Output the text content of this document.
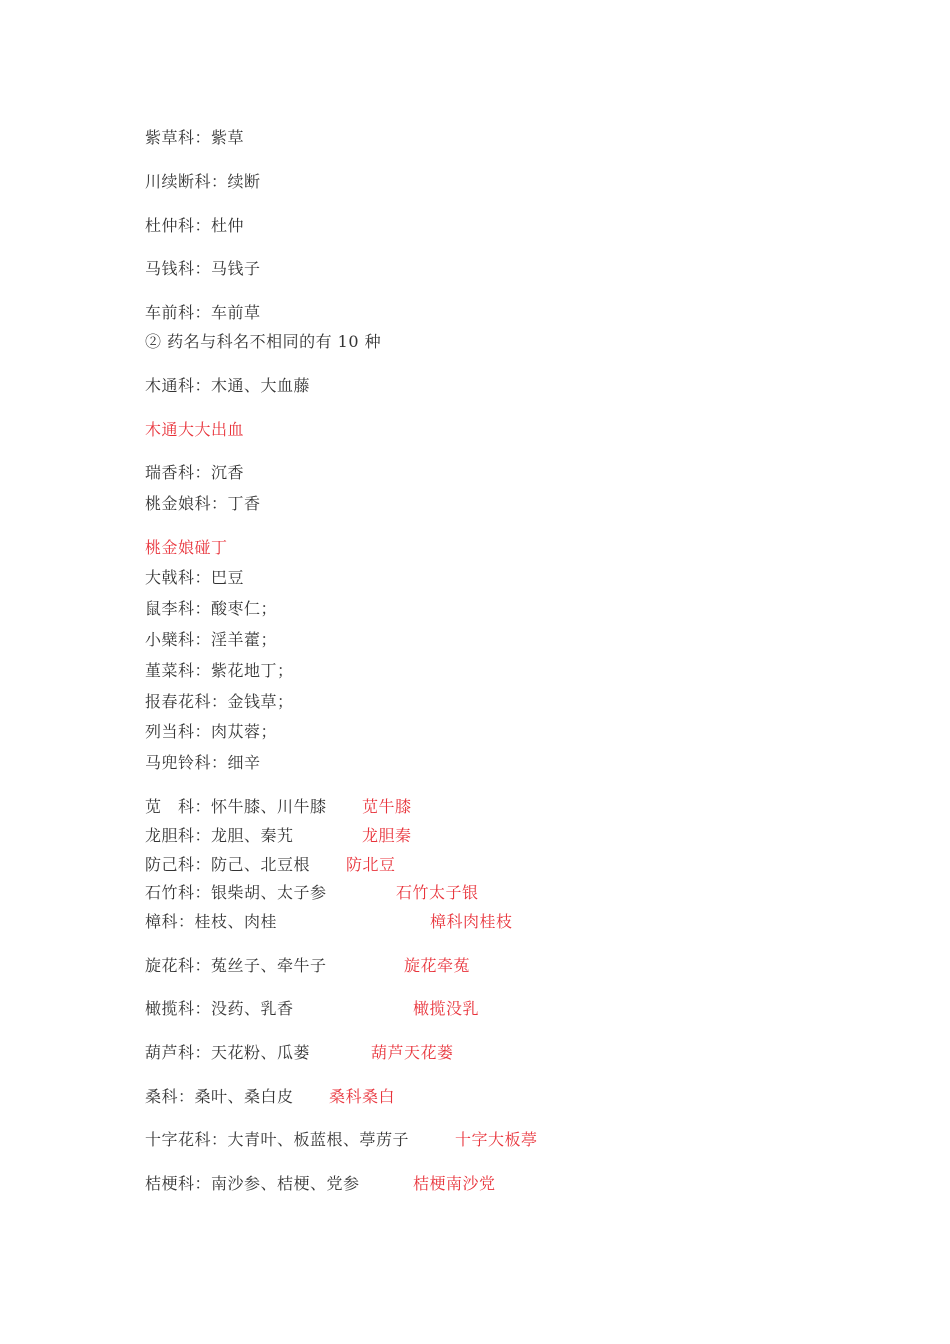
紫草科：紫草
川续断科：续断
杜仲科：杜仲
马钱科：马钱子
车前科：车前草
② 药名与科名不相同的有 10 种
木通科：木通、大血藤
木通大大出血
瑞香科：沉香
桃金娘科：丁香
桃金娘碰丁
大戟科：巴豆
鼠李科：酸枣仁；
小檗科：淫羊藿；
堇菜科：紫花地丁；
报春花科：金钱草；
列当科：肉苁蓉；
马兜铃科：细辛
苋　科：怀牛膝、川牛膝 苋牛膝
龙胆科：龙胆、秦艽	龙胆秦
防己科：防己、北豆根 防北豆
石竹科：银柴胡、太子参	石竹太子银
樟科：桂枝、肉桂	樟科肉桂枝
旋花科：菟丝子、牵牛子	旋花牵菟
橄揽科：没药、乳香	橄揽没乳
葫芦科：天花粉、瓜蒌	葫芦天花蒌
桑科：桑叶、桑白皮 桑科桑白
十字花科：大青叶、板蓝根、葶苈子	十字大板葶
桔梗科：南沙参、桔梗、党参	桔梗南沙党
